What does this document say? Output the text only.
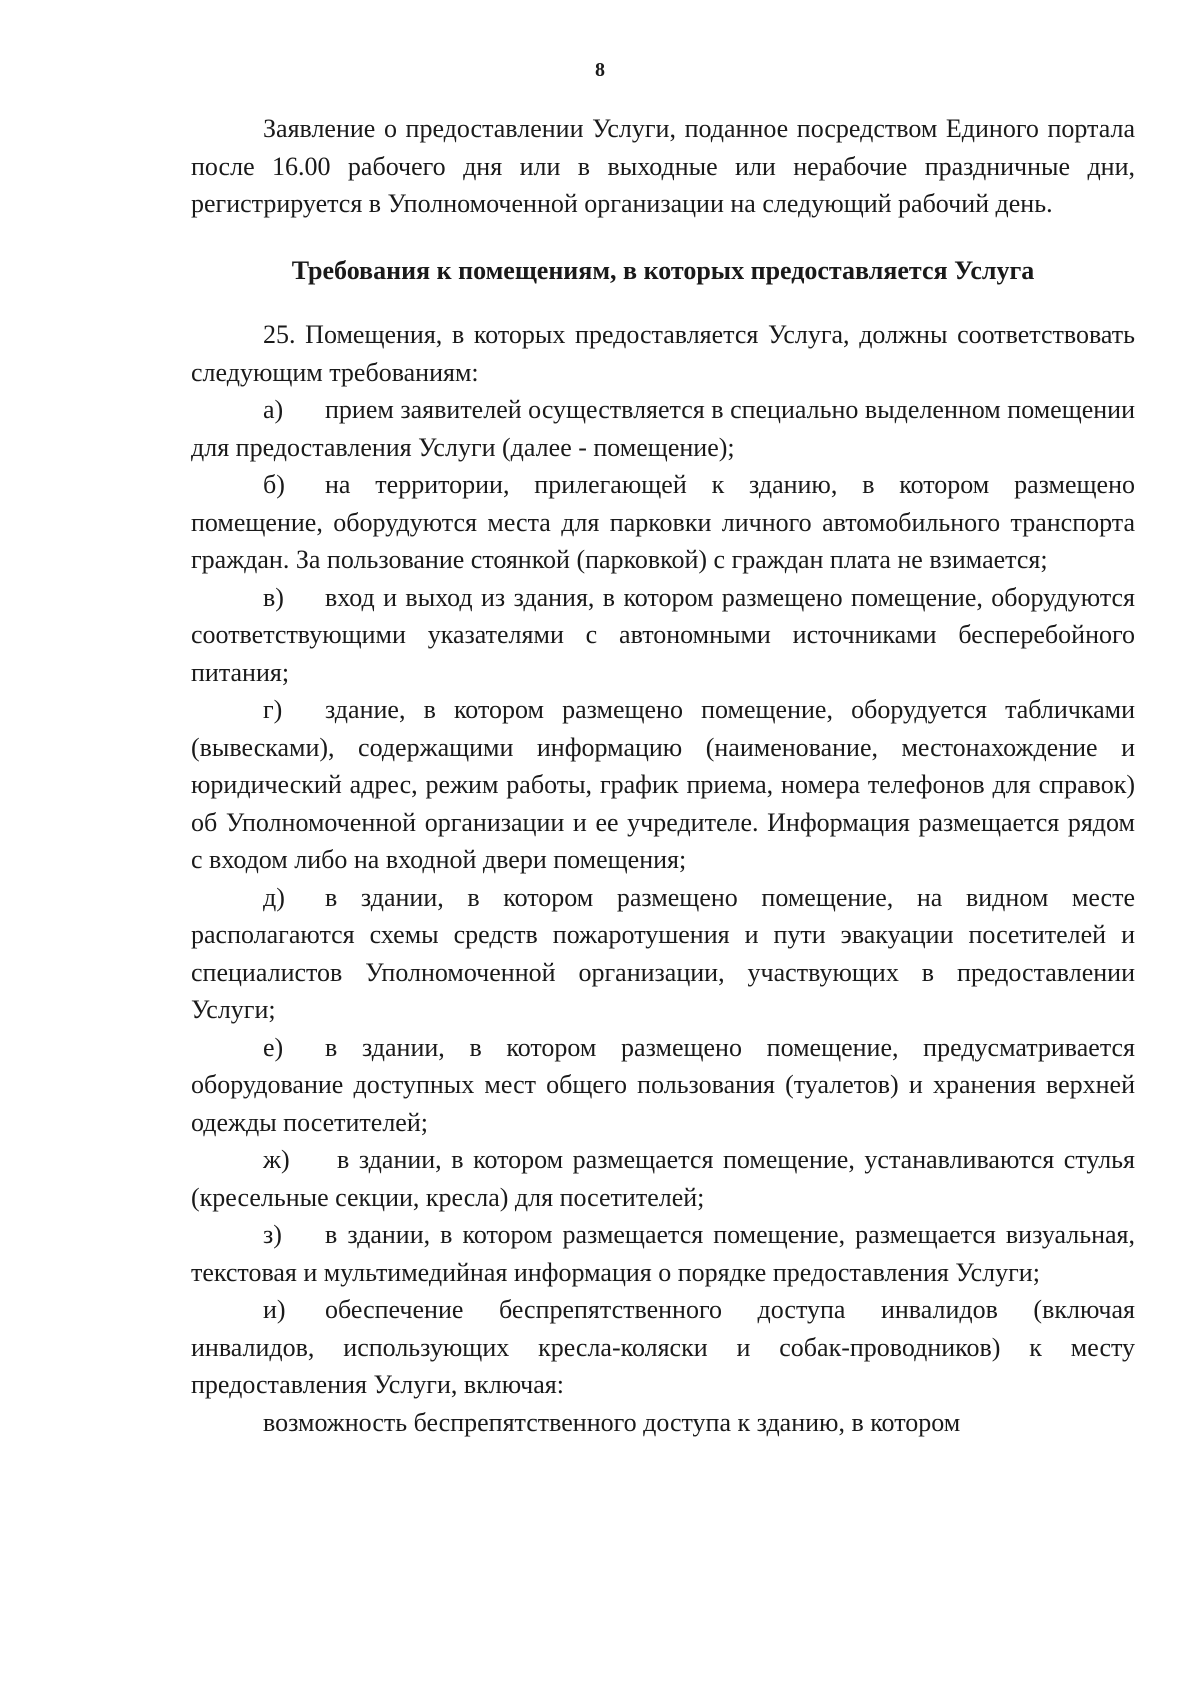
8

Заявление о предоставлении Услуги, поданное посредством Единого портала после 16.00 рабочего дня или в выходные или нерабочие праздничные дни, регистрируется в Уполномоченной организации на следующий рабочий день.

Требования к помещениям, в которых предоставляется Услуга

25. Помещения, в которых предоставляется Услуга, должны соответствовать следующим требованиям:

а) прием заявителей осуществляется в специально выделенном помещении для предоставления Услуги (далее - помещение);

б) на территории, прилегающей к зданию, в котором размещено помещение, оборудуются места для парковки личного автомобильного транспорта граждан. За пользование стоянкой (парковкой) с граждан плата не взимается;

в) вход и выход из здания, в котором размещено помещение, оборудуются соответствующими указателями с автономными источниками бесперебойного питания;

г) здание, в котором размещено помещение, оборудуется табличками (вывесками), содержащими информацию (наименование, местонахождение и юридический адрес, режим работы, график приема, номера телефонов для справок) об Уполномоченной организации и ее учредителе. Информация размещается рядом с входом либо на входной двери помещения;

д) в здании, в котором размещено помещение, на видном месте располагаются схемы средств пожаротушения и пути эвакуации посетителей и специалистов Уполномоченной организации, участвующих в предоставлении Услуги;

е) в здании, в котором размещено помещение, предусматривается оборудование доступных мест общего пользования (туалетов) и хранения верхней одежды посетителей;

ж) в здании, в котором размещается помещение, устанавливаются стулья (кресельные секции, кресла) для посетителей;

з) в здании, в котором размещается помещение, размещается визуальная, текстовая и мультимедийная информация о порядке предоставления Услуги;

и) обеспечение беспрепятственного доступа инвалидов (включая инвалидов, использующих кресла-коляски и собак-проводников) к месту предоставления Услуги, включая:

возможность беспрепятственного доступа к зданию, в котором
